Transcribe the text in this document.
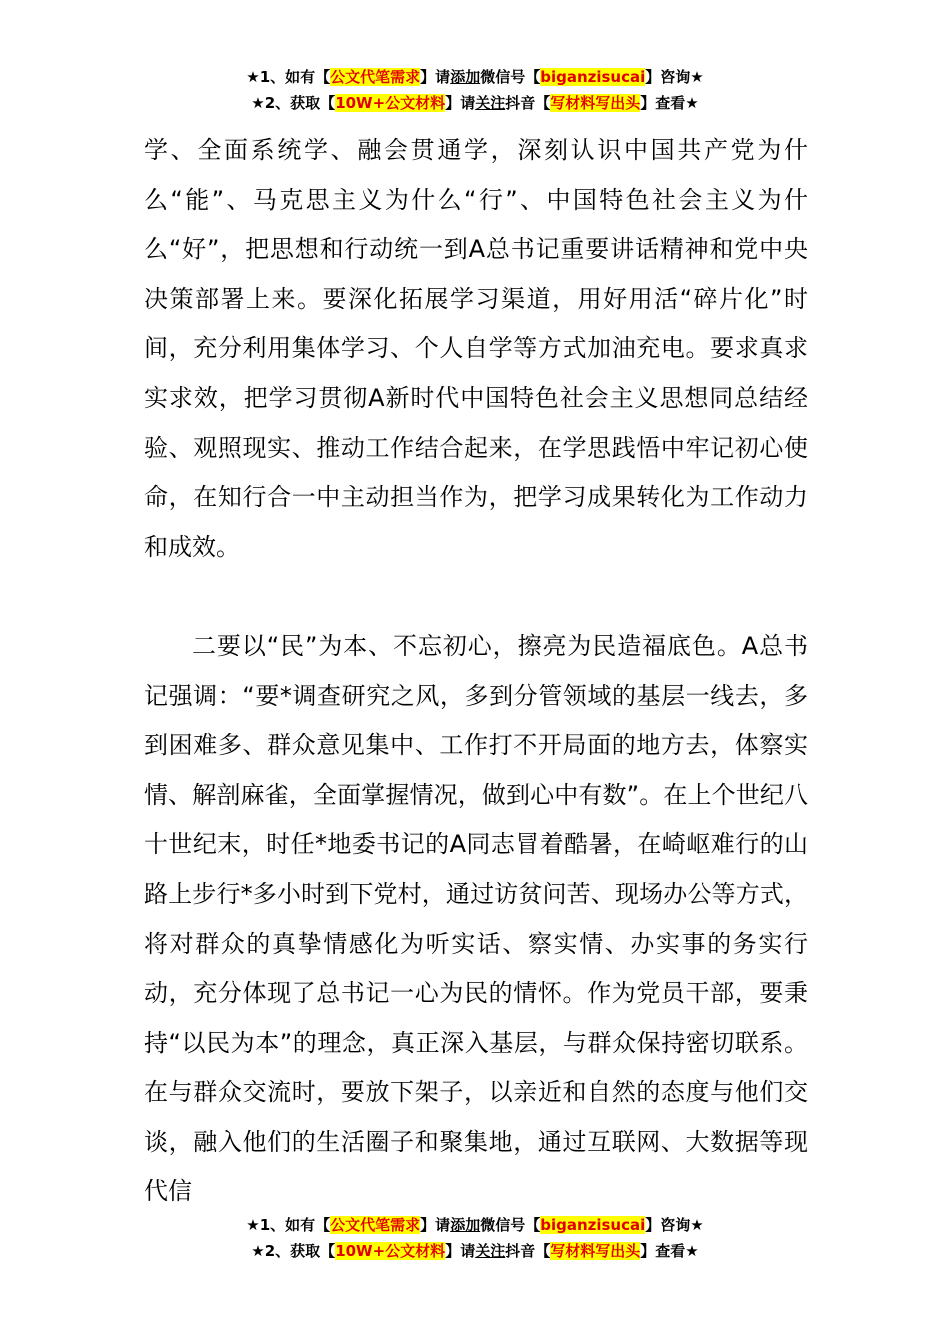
★1、如有【公文代笔需求】请添加微信号【biganzisucai】咨询★
★2、获取【10W+公文材料】请关注抖音【写材料写出头】查看★

学、全面系统学、融会贯通学，深刻认识中国共产党为什么“能”、马克思主义为什么“行”、中国特色社会主义为什么“好”，把思想和行动统一到A总书记重要讲话精神和党中央决策部署上来。要深化拓展学习渠道，用好用活“碎片化”时间，充分利用集体学习、个人自学等方式加油充电。要求真求实求效，把学习贯彻A新时代中国特色社会主义思想同总结经验、观照现实、推动工作结合起来，在学思践悟中牢记初心使命，在知行合一中主动担当作为，把学习成果转化为工作动力和成效。

二要以“民”为本、不忘初心，擦亮为民造福底色。A总书记强调：“要*调查研究之风，多到分管领域的基层一线去，多到困难多、群众意见集中、工作打不开局面的地方去，体察实情、解剖麻雀，全面掌握情况，做到心中有数”。在上个世纪八十世纪末，时任*地委书记的A同志冒着酷暑，在崎岖难行的山路上步行*多小时到下党村，通过访贫问苦、现场办公等方式，将对群众的真挚情感化为听实话、察实情、办实事的务实行动，充分体现了总书记一心为民的情怀。作为党员干部，要秉持“以民为本”的理念，真正深入基层，与群众保持密切联系。在与群众交流时，要放下架子，以亲近和自然的态度与他们交谈，融入他们的生活圈子和聚集地，通过互联网、大数据等现代信

★1、如有【公文代笔需求】请添加微信号【biganzisucai】咨询★
★2、获取【10W+公文材料】请关注抖音【写材料写出头】查看★
